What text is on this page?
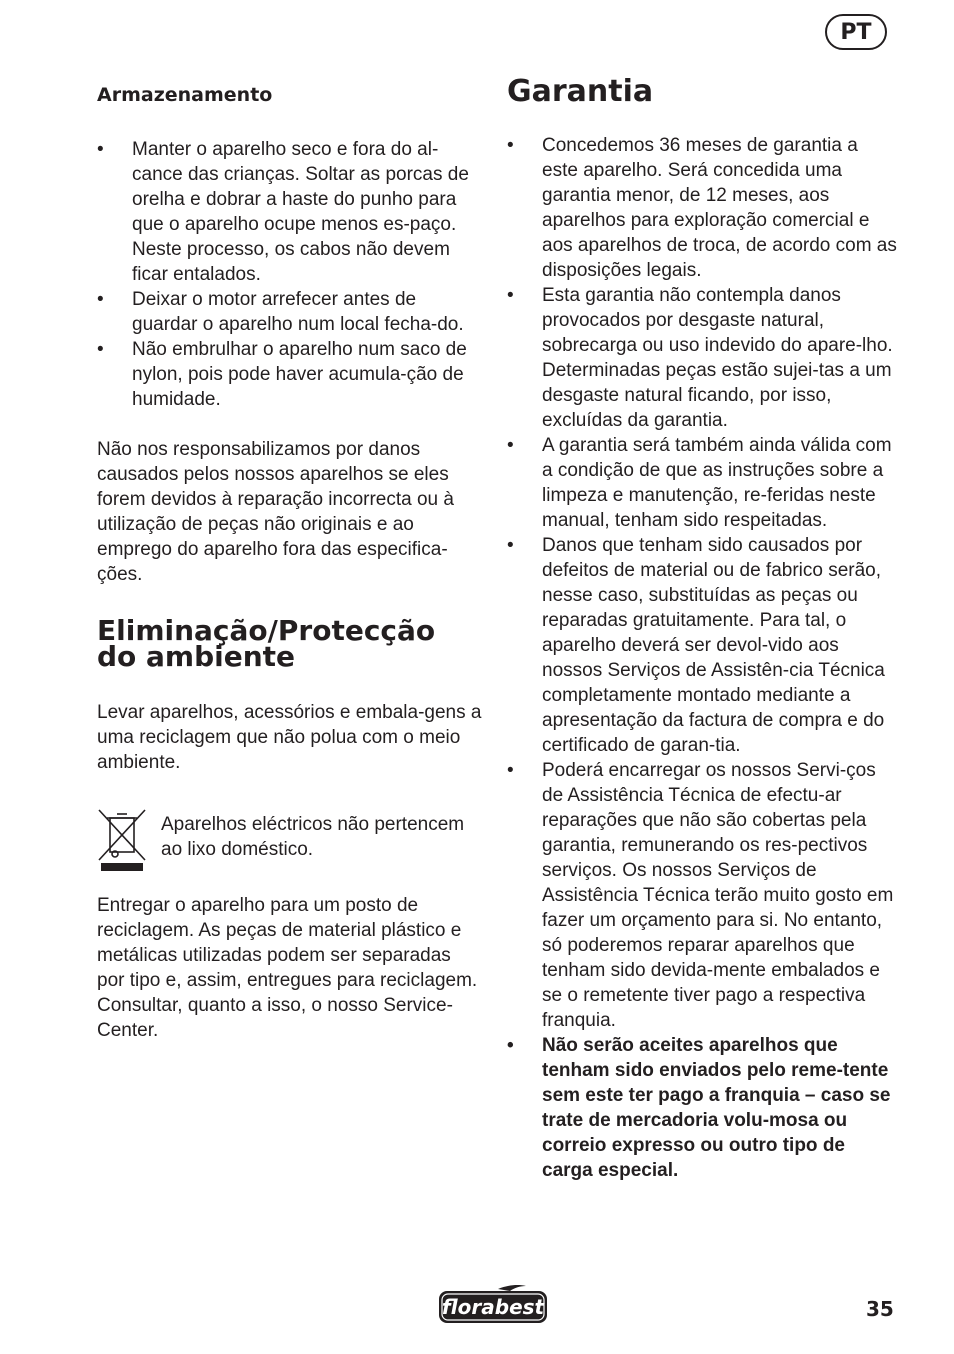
PT
Armazenamento
• Manter o aparelho seco e fora do al-cance das crianças. Soltar as porcas de orelha e dobrar a haste do punho para que o aparelho ocupe menos es-paço. Neste processo, os cabos não devem ficar entalados.
• Deixar o motor arrefecer antes de guardar o aparelho num local fecha-do.
• Não embrulhar o aparelho num saco de nylon, pois pode haver acumula-ção de humidade.

Não nos responsabilizamos por danos causados pelos nossos aparelhos se eles forem devidos à reparação incorrecta ou à utilização de peças não originais e ao emprego do aparelho fora das especifica-ções.

Eliminação/Protecção do ambiente

Levar aparelhos, acessórios e embala-gens a uma reciclagem que não polua com o meio ambiente.

Aparelhos eléctricos não pertencem ao lixo doméstico.

Entregar o aparelho para um posto de reciclagem. As peças de material plástico e metálicas utilizadas podem ser separadas por tipo e, assim, entregues para reciclagem. Consultar, quanto a isso, o nosso Service-Center.

Garantia
• Concedemos 36 meses de garantia a este aparelho. Será concedida uma garantia menor, de 12 meses, aos aparelhos para exploração comercial e aos aparelhos de troca, de acordo com as disposições legais.
• Esta garantia não contempla danos provocados por desgaste natural, sobrecarga ou uso indevido do apare-lho. Determinadas peças estão sujei-tas a um desgaste natural ficando, por isso, excluídas da garantia.
• A garantia será também ainda válida com a condição de que as instruções sobre a limpeza e manutenção, re-feridas neste manual, tenham sido respeitadas.
• Danos que tenham sido causados por defeitos de material ou de fabrico serão, nesse caso, substituídas as peças ou reparadas gratuitamente. Para tal, o aparelho deverá ser devol-vido aos nossos Serviços de Assistên-cia Técnica completamente montado mediante a apresentação da factura de compra e do certificado de garan-tia.
• Poderá encarregar os nossos Servi-ços de Assistência Técnica de efectu-ar reparações que não são cobertas pela garantia, remunerando os res-pectivos serviços. Os nossos Serviços de Assistência Técnica terão muito gosto em fazer um orçamento para si. No entanto, só poderemos reparar aparelhos que tenham sido devida-mente embalados e se o remetente tiver pago a respectiva franquia.
• Não serão aceites aparelhos que tenham sido enviados pelo reme-tente sem este ter pago a franquia – caso se trate de mercadoria volu-mosa ou correio expresso ou outro tipo de carga especial.
florabest	35
